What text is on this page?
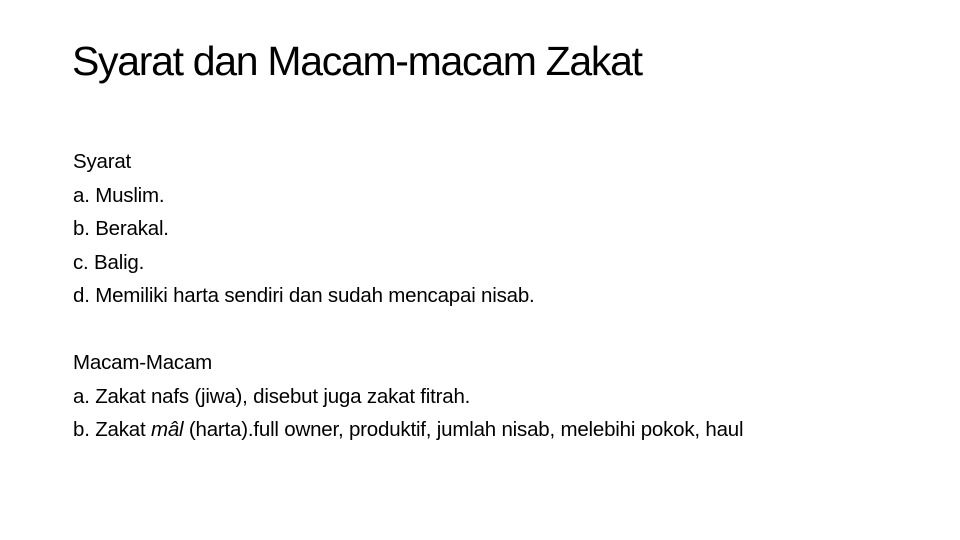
Syarat dan Macam-macam Zakat
Syarat
a. Muslim.
b. Berakal.
c. Balig.
d. Memiliki harta sendiri dan sudah mencapai nisab.
Macam-Macam
a. Zakat nafs (jiwa), disebut juga zakat fitrah.
b. Zakat mâl (harta).full owner, produktif, jumlah nisab, melebihi pokok, haul
